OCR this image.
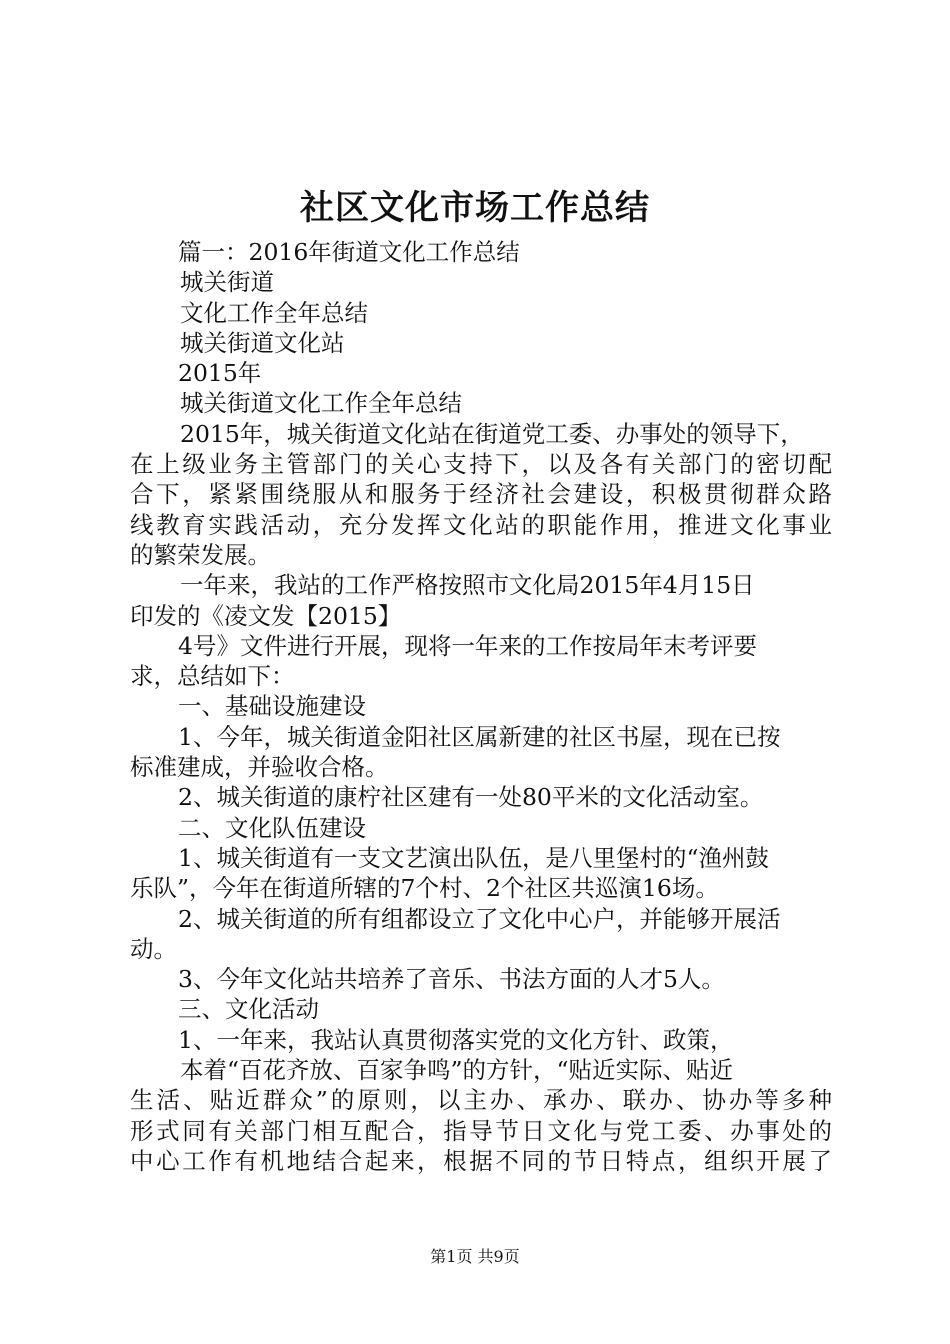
社区文化市场工作总结
篇一：2016年街道文化工作总结
城关街道
文化工作全年总结
城关街道文化站
2015年
城关街道文化工作全年总结
2015年，城关街道文化站在街道党工委、办事处的领导下，
在上级业务主管部门的关心支持下，以及各有关部门的密切配
合下，紧紧围绕服从和服务于经济社会建设，积极贯彻群众路
线教育实践活动，充分发挥文化站的职能作用，推进文化事业
的繁荣发展。
一年来，我站的工作严格按照市文化局2015年4月15日
印发的《凌文发【2015】
4号》文件进行开展，现将一年来的工作按局年末考评要
求，总结如下：
一、基础设施建设
1、今年，城关街道金阳社区属新建的社区书屋，现在已按
标准建成，并验收合格。
2、城关街道的康柠社区建有一处80平米的文化活动室。
二、文化队伍建设
1、城关街道有一支文艺演出队伍，是八里堡村的“渔州鼓
乐队”，今年在街道所辖的7个村、2个社区共巡演16场。
2、城关街道的所有组都设立了文化中心户，并能够开展活
动。
3、今年文化站共培养了音乐、书法方面的人才5人。
三、文化活动
1、一年来，我站认真贯彻落实党的文化方针、政策，
本着“百花齐放、百家争鸣”的方针，“贴近实际、贴近
生活、贴近群众”的原则，以主办、承办、联办、协办等多种
形式同有关部门相互配合，指导节日文化与党工委、办事处的
中心工作有机地结合起来，根据不同的节日特点，组织开展了
第1页 共9页
